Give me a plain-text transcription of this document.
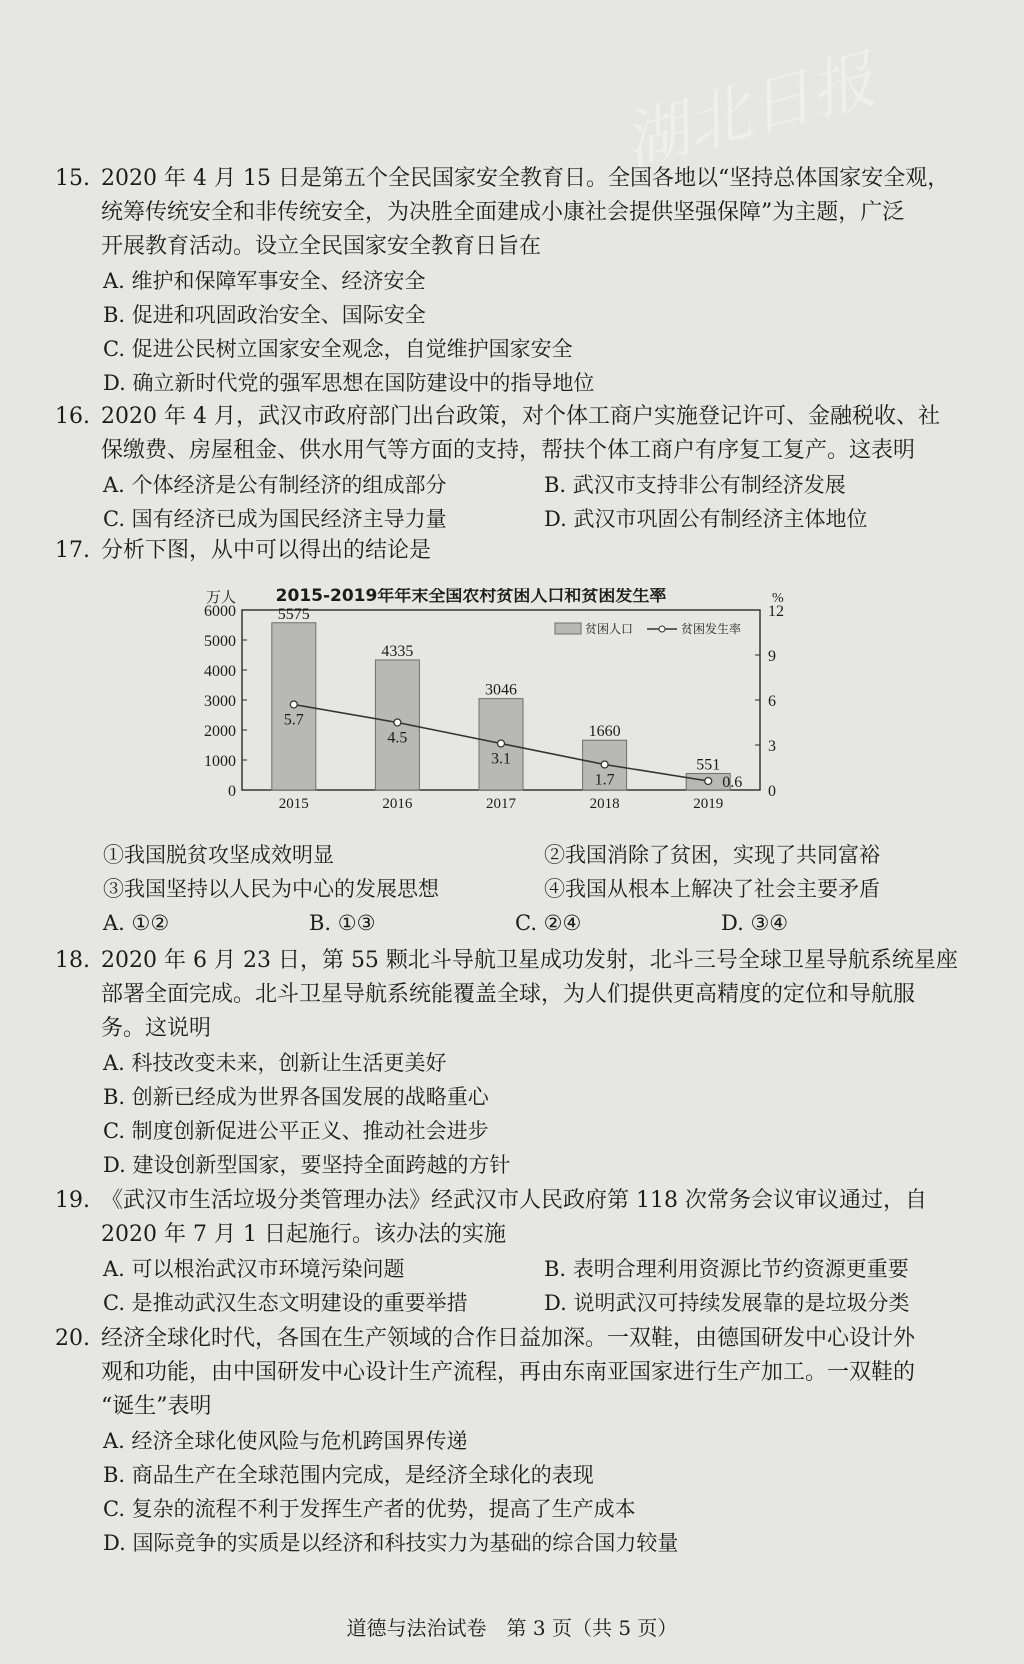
湖北日报
15. 2020 年 4 月 15 日是第五个全民国家安全教育日。全国各地以“坚持总体国家安全观，
统筹传统安全和非传统安全，为决胜全面建成小康社会提供坚强保障”为主题，广泛
开展教育活动。设立全民国家安全教育日旨在
A. 维护和保障军事安全、经济安全
B. 促进和巩固政治安全、国际安全
C. 促进公民树立国家安全观念，自觉维护国家安全
D. 确立新时代党的强军思想在国防建设中的指导地位
16. 2020 年 4 月，武汉市政府部门出台政策，对个体工商户实施登记许可、金融税收、社
保缴费、房屋租金、供水用气等方面的支持，帮扶个体工商户有序复工复产。这表明
A. 个体经济是公有制经济的组成部分	B. 武汉市支持非公有制经济发展
C. 国有经济已成为国民经济主导力量	D. 武汉市巩固公有制经济主体地位
17. 分析下图，从中可以得出的结论是
2015-2019年年末全国农村贫困人口和贫困发生率
万人	%
0
1000
2000
3000
4000
5000
6000
0
3
6
9
12
5575
2015
4335
2016
3046
2017
1660
2018
551
2019
5.7
4.5
3.1
1.7	0.6
贫困人口	贫困发生率
①我国脱贫攻坚成效明显	②我国消除了贫困，实现了共同富裕
③我国坚持以人民为中心的发展思想	④我国从根本上解决了社会主要矛盾
A. ①②	B. ①③	C. ②④	D. ③④
18. 2020 年 6 月 23 日，第 55 颗北斗导航卫星成功发射，北斗三号全球卫星导航系统星座
部署全面完成。北斗卫星导航系统能覆盖全球，为人们提供更高精度的定位和导航服
务。这说明
A. 科技改变未来，创新让生活更美好
B. 创新已经成为世界各国发展的战略重心
C. 制度创新促进公平正义、推动社会进步
D. 建设创新型国家，要坚持全面跨越的方针
19. 《武汉市生活垃圾分类管理办法》经武汉市人民政府第 118 次常务会议审议通过，自
2020 年 7 月 1 日起施行。该办法的实施
A. 可以根治武汉市环境污染问题	B. 表明合理利用资源比节约资源更重要
C. 是推动武汉生态文明建设的重要举措	D. 说明武汉可持续发展靠的是垃圾分类
20. 经济全球化时代，各国在生产领域的合作日益加深。一双鞋，由德国研发中心设计外
观和功能，由中国研发中心设计生产流程，再由东南亚国家进行生产加工。一双鞋的
“诞生”表明
A. 经济全球化使风险与危机跨国界传递
B. 商品生产在全球范围内完成，是经济全球化的表现
C. 复杂的流程不利于发挥生产者的优势，提高了生产成本
D. 国际竞争的实质是以经济和科技实力为基础的综合国力较量
道德与法治试卷　第 3 页（共 5 页）
